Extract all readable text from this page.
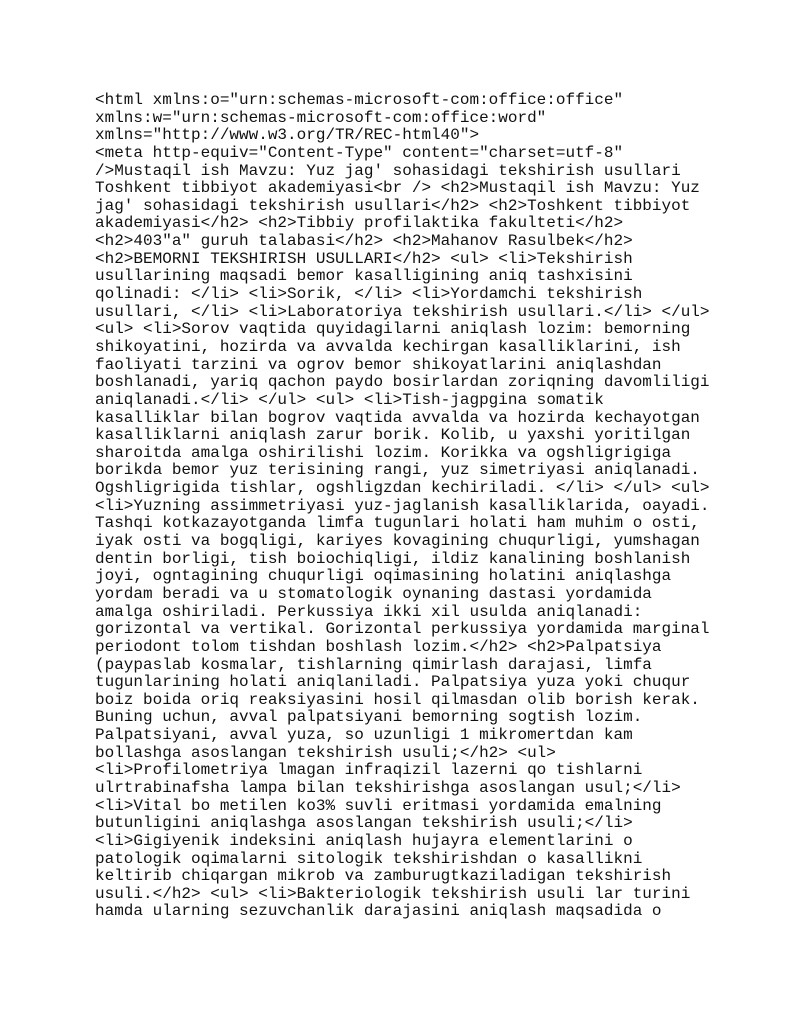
<html xmlns:o="urn:schemas-microsoft-com:office:office"
xmlns:w="urn:schemas-microsoft-com:office:word"
xmlns="http://www.w3.org/TR/REC-html40">
<meta http-equiv="Content-Type" content="charset=utf-8"
/>Mustaqil ish Mavzu: Yuz jag' sohasidagi tekshirish usullari
Toshkent tibbiyot akademiyasi<br /> <h2>Mustaqil ish Mavzu: Yuz
jag' sohasidagi tekshirish usullari</h2> <h2>Toshkent tibbiyot
akademiyasi</h2> <h2>Tibbiy profilaktika fakulteti</h2>
<h2>403"a" guruh talabasi</h2> <h2>Mahanov Rasulbek</h2>
<h2>BEMORNI TEKSHIRISH USULLARI</h2> <ul> <li>Tekshirish
usullarining maqsadi bemor kasalligining aniq tashxisini
qolinadi: </li> <li>Sorik, </li> <li>Yordamchi tekshirish
usullari, </li> <li>Laboratoriya tekshirish usullari.</li> </ul>
<ul> <li>Sorov vaqtida quyidagilarni aniqlash lozim: bemorning
shikoyatini, hozirda va avvalda kechirgan kasalliklarini, ish
faoliyati tarzini va ogrov bemor shikoyatlarini aniqlashdan
boshlanadi, yariq qachon paydo bosirlardan zoriqning davomliligi
aniqlanadi.</li> </ul> <ul> <li>Tish-jagpgina somatik
kasalliklar bilan bogrov vaqtida avvalda va hozirda kechayotgan
kasalliklarni aniqlash zarur borik. Kolib, u yaxshi yoritilgan
sharoitda amalga oshirilishi lozim. Korikka va ogshligrigiga
borikda bemor yuz terisining rangi, yuz simetriyasi aniqlanadi.
Ogshligrigida tishlar, ogshligzdan kechiriladi. </li> </ul> <ul>
<li>Yuzning assimmetriyasi yuz-jaglanish kasalliklarida, oayadi.
Tashqi kotkazayotganda limfa tugunlari holati ham muhim o osti,
iyak osti va bogqligi, kariyes kovagining chuqurligi, yumshagan
dentin borligi, tish boiochiqligi, ildiz kanalining boshlanish
joyi, ogntagining chuqurligi oqimasining holatini aniqlashga
yordam beradi va u stomatologik oynaning dastasi yordamida
amalga oshiriladi. Perkussiya ikki xil usulda aniqlanadi:
gorizontal va vertikal. Gorizontal perkussiya yordamida marginal
periodont tolom tishdan boshlash lozim.</h2> <h2>Palpatsiya
(paypaslab kosmalar, tishlarning qimirlash darajasi, limfa
tugunlarining holati aniqlaniladi. Palpatsiya yuza yoki chuqur
boiz boida oriq reaksiyasini hosil qilmasdan olib borish kerak.
Buning uchun, avval palpatsiyani bemorning sogtish lozim.
Palpatsiyani, avval yuza, so uzunligi 1 mikromertdan kam
bollashga asoslangan tekshirish usuli;</h2> <ul>
<li>Profilometriya lmagan infraqizil lazerni qo tishlarni
ulrtrabinafsha lampa bilan tekshirishga asoslangan usul;</li>
<li>Vital bo metilen ko3% suvli eritmasi yordamida emalning
butunligini aniqlashga asoslangan tekshirish usuli;</li>
<li>Gigiyenik indeksini aniqlash hujayra elementlarini o
patologik oqimalarni sitologik tekshirishdan o kasallikni
keltirib chiqargan mikrob va zamburugtkaziladigan tekshirish
usuli.</h2> <ul> <li>Bakteriologik tekshirish usuli lar turini
hamda ularning sezuvchanlik darajasini aniqlash maqsadida o
